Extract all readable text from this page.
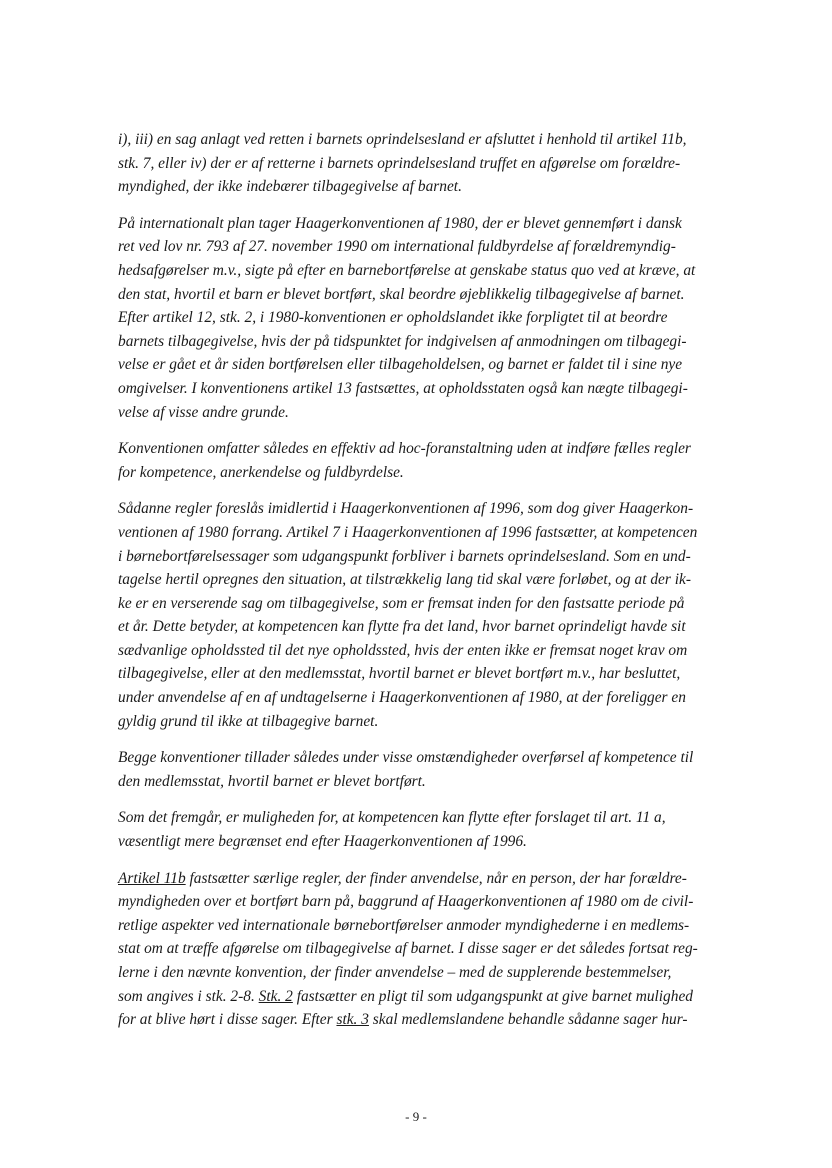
i), iii) en sag anlagt ved retten i barnets oprindelsesland er afsluttet i henhold til artikel 11b,
stk. 7, eller iv) der er af retterne i barnets oprindelsesland truffet en afgørelse om forældre-
myndighed, der ikke indebærer tilbagegivelse af barnet.

På internationalt plan tager Haagerkonventionen af 1980, der er blevet gennemført i dansk
ret ved lov nr. 793 af 27. november 1990 om international fuldbyrdelse af forældremyndig-
hedsafgørelser m.v., sigte på efter en barnebortførelse at genskabe status quo ved at kræve, at
den stat, hvortil et barn er blevet bortført, skal beordre øjeblikkelig tilbagegivelse af barnet.
Efter artikel 12, stk. 2, i 1980-konventionen er opholdslandet ikke forpligtet til at beordre
barnets tilbagegivelse, hvis der på tidspunktet for indgivelsen af anmodningen om tilbagegi-
velse er gået et år siden bortførelsen eller tilbageholdelsen, og barnet er faldet til i sine nye
omgivelser. I konventionens artikel 13 fastsættes, at opholdsstaten også kan nægte tilbagegi-
velse af visse andre grunde.

Konventionen omfatter således en effektiv ad hoc-foranstaltning uden at indføre fælles regler
for kompetence, anerkendelse og fuldbyrdelse.

Sådanne regler foreslås imidlertid i Haagerkonventionen af 1996, som dog giver Haagerkon-
ventionen af 1980 forrang. Artikel 7 i Haagerkonventionen af 1996 fastsætter, at kompetencen
i børnebortførelsessager som udgangspunkt forbliver i barnets oprindelsesland. Som en und-
tagelse hertil opregnes den situation, at tilstrækkelig lang tid skal være forløbet, og at der ik-
ke er en verserende sag om tilbagegivelse, som er fremsat inden for den fastsatte periode på
et år. Dette betyder, at kompetencen kan flytte fra det land, hvor barnet oprindeligt havde sit
sædvanlige opholdssted til det nye opholdssted, hvis der enten ikke er fremsat noget krav om
tilbagegivelse, eller at den medlemsstat, hvortil barnet er blevet bortført m.v., har besluttet,
under anvendelse af en af undtagelserne i Haagerkonventionen af 1980, at der foreligger en
gyldig grund til ikke at tilbagegive barnet.

Begge konventioner tillader således under visse omstændigheder overførsel af kompetence til
den medlemsstat, hvortil barnet er blevet bortført.

Som det fremgår, er muligheden for, at kompetencen kan flytte efter forslaget til art. 11 a,
væsentligt mere begrænset end efter Haagerkonventionen af 1996.

Artikel 11b fastsætter særlige regler, der finder anvendelse, når en person, der har forældre-
myndigheden over et bortført barn på, baggrund af Haagerkonventionen af 1980 om de civil-
retlige aspekter ved internationale børnebortførelser anmoder myndighederne i en medlems-
stat om at træffe afgørelse om tilbagegivelse af barnet. I disse sager er det således fortsat reg-
lerne i den nævnte konvention, der finder anvendelse – med de supplerende bestemmelser,
som angives i stk. 2-8. Stk. 2 fastsætter en pligt til som udgangspunkt at give barnet mulighed
for at blive hørt i disse sager. Efter stk. 3 skal medlemslandene behandle sådanne sager hur-

- 9 -
